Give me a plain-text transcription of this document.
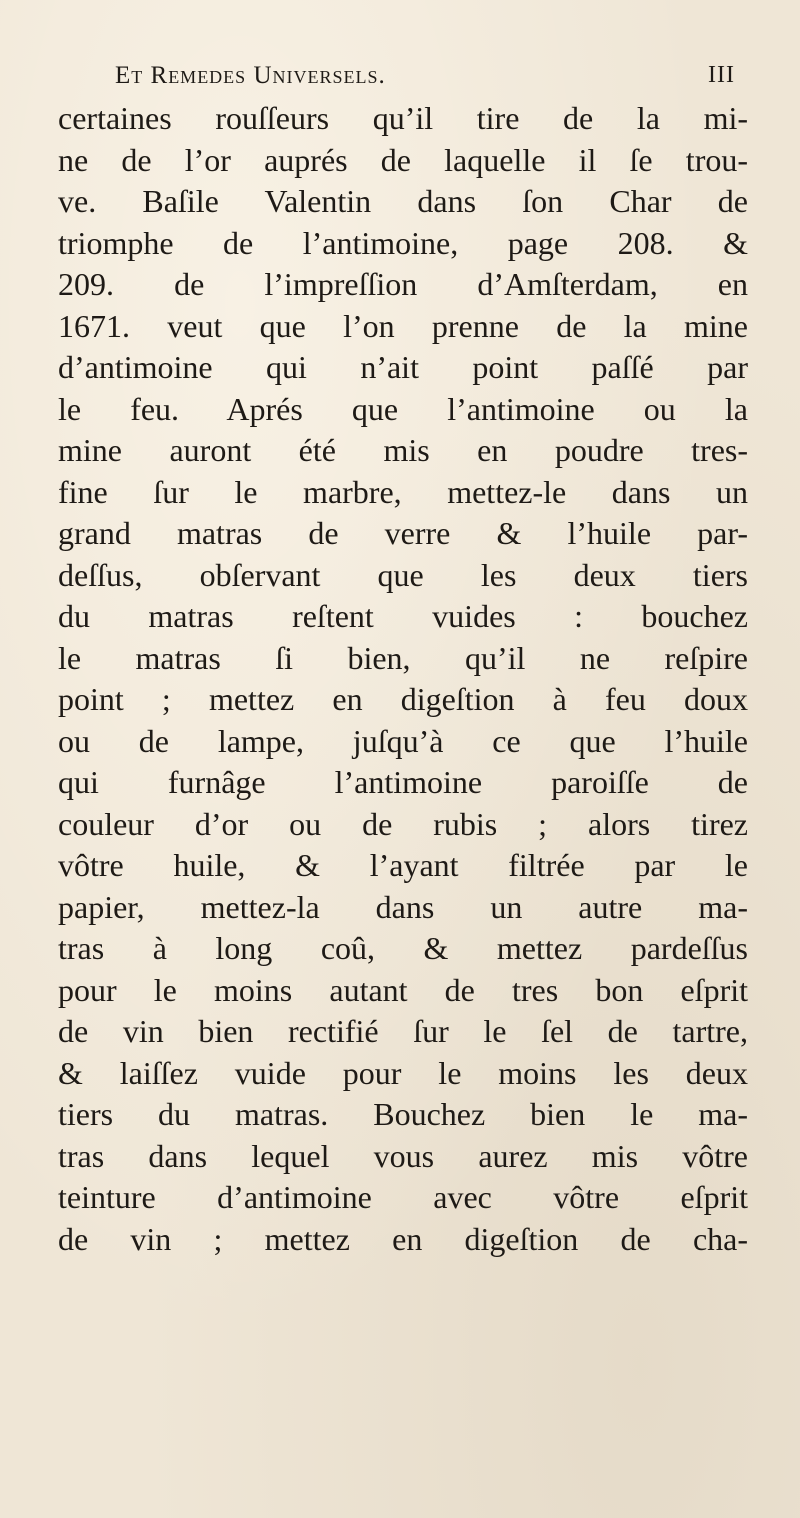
Et Remedes Universels.	III
certaines rouſſeurs qu’il tire de la mi-
ne de l’or auprés de laquelle il ſe trou-
ve. Baſile Valentin dans ſon Char de
triomphe de l’antimoine, page 208. &
209. de l’impreſſion d’Amſterdam, en
1671. veut que l’on prenne de la mine
d’antimoine qui n’ait point paſſé par
le feu. Aprés que l’antimoine ou la
mine auront été mis en poudre tres-
fine ſur le marbre, mettez-le dans un
grand matras de verre & l’huile par-
deſſus, obſervant que les deux tiers
du matras reſtent vuides : bouchez
le matras ſi bien, qu’il ne reſpire
point ; mettez en digeſtion à feu doux
ou de lampe, juſqu’à ce que l’huile
qui furnâge l’antimoine paroiſſe de
couleur d’or ou de rubis ; alors tirez
vôtre huile, & l’ayant filtrée par le
papier, mettez-la dans un autre ma-
tras à long coû, & mettez pardeſſus
pour le moins autant de tres bon eſprit
de vin bien rectifié ſur le ſel de tartre,
& laiſſez vuide pour le moins les deux
tiers du matras. Bouchez bien le ma-
tras dans lequel vous aurez mis vôtre
teinture d’antimoine avec vôtre eſprit
de vin ; mettez en digeſtion de cha-
